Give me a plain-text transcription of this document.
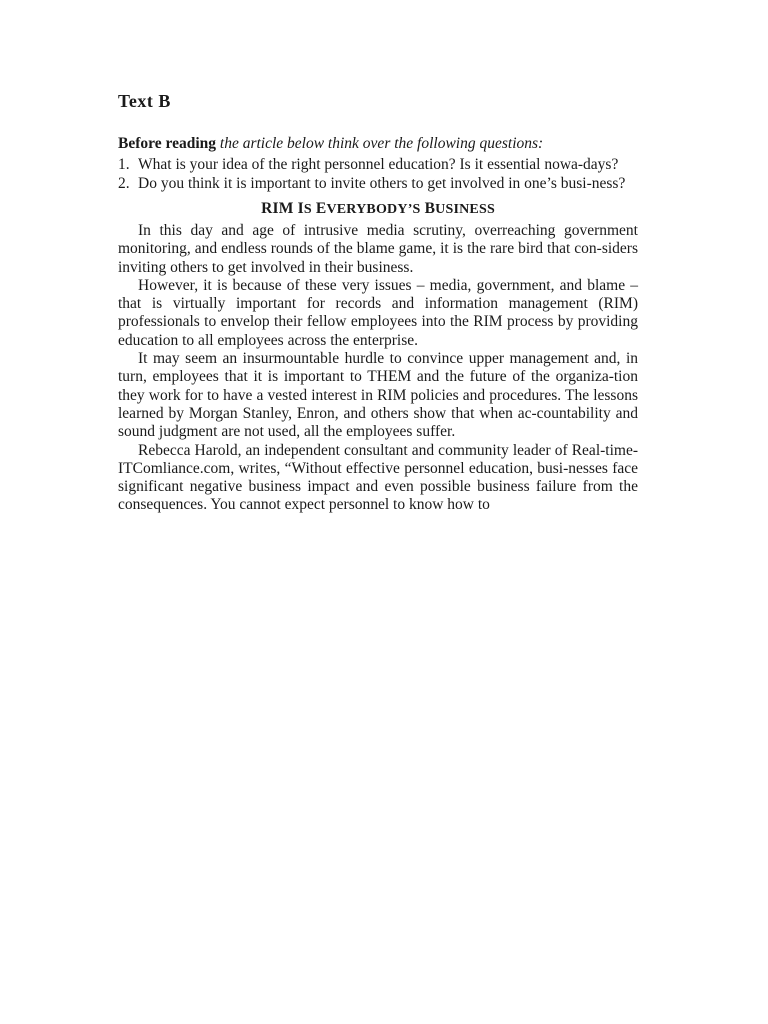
Text B

Before reading the article below think over the following questions:

1. What is your idea of the right personnel education? Is it essential nowa-days?
2. Do you think it is important to invite others to get involved in one’s busi-ness?
RIM IS EVERYBODY’S BUSINESS

In this day and age of intrusive media scrutiny, overreaching government monitoring, and endless rounds of the blame game, it is the rare bird that con-siders inviting others to get involved in their business.

However, it is because of these very issues – media, government, and blame – that is virtually important for records and information management (RIM) professionals to envelop their fellow employees into the RIM process by providing education to all employees across the enterprise.

It may seem an insurmountable hurdle to convince upper management and, in turn, employees that it is important to THEM and the future of the organiza-tion they work for to have a vested interest in RIM policies and procedures. The lessons learned by Morgan Stanley, Enron, and others show that when ac-countability and sound judgment are not used, all the employees suffer.

Rebecca Harold, an independent consultant and community leader of Real-time-ITComliance.com, writes, “Without effective personnel education, busi-nesses face significant negative business impact and even possible business failure from the consequences. You cannot expect personnel to know how to
